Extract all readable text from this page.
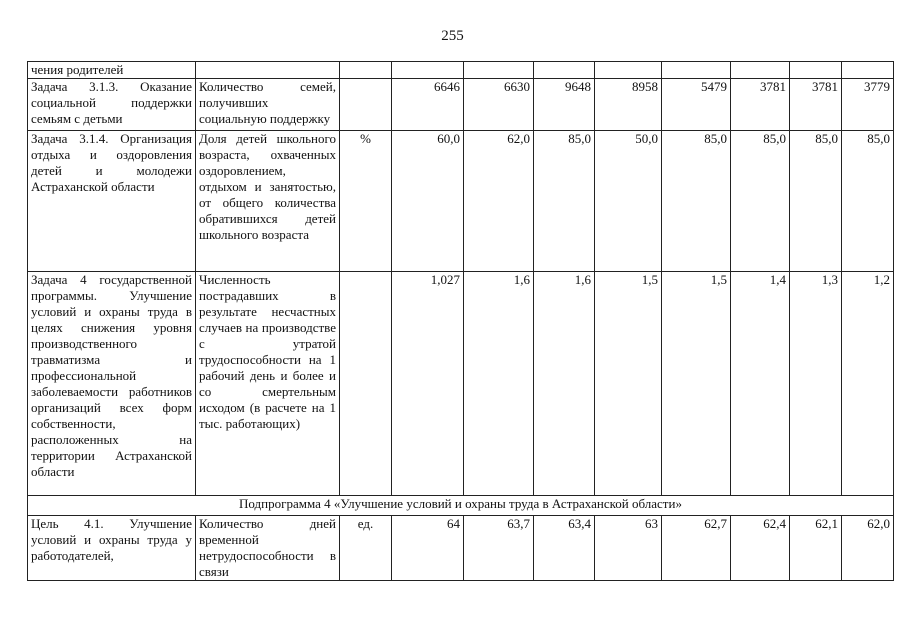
255
чения родителей										
Задача 3.1.3. Оказание социальной поддержки семьям с детьми	Количество семей, получивших социальную поддержку		6646	6630	9648	8958	5479	3781	3781	3779
Задача 3.1.4. Организация отдыха и оздоровления детей и молодежи Астраханской области	Доля детей школьного возраста, охваченных оздоровлением, отдыхом и занятостью, от общего количества обратившихся детей школьного возраста	%	60,0	62,0	85,0	50,0	85,0	85,0	85,0	85,0
Задача 4 государственной программы. Улучшение условий и охраны труда в целях снижения уровня производственного травматизма и профессиональной заболеваемости работников организаций всех форм собственности, расположенных на территории Астраханской области	Численность пострадавших в результате несчастных случаев на производстве с утратой трудоспособности на 1 рабочий день и более и со смертельным исходом (в расчете на 1 тыс. работающих)		1,027	1,6	1,6	1,5	1,5	1,4	1,3	1,2
Подпрограмма 4 «Улучшение условий и охраны труда в Астраханской области»										
Цель 4.1. Улучшение условий и охраны труда у работодателей,	Количество дней временной нетрудоспособности в связи	ед.	64	63,7	63,4	63	62,7	62,4	62,1	62,0
